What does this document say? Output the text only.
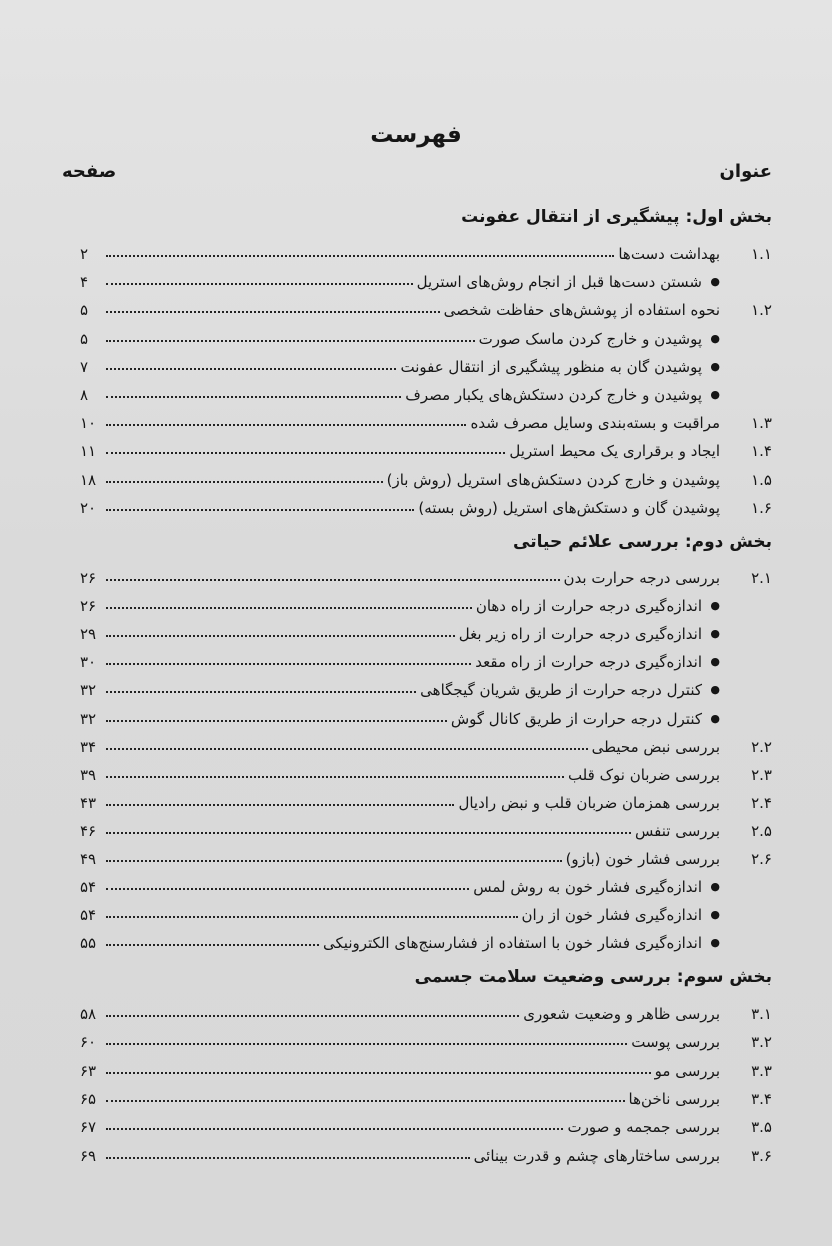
فهرست
عنوان
صفحه
بخش اول: پیشگیری از انتقال عفونت
۱.۱
بهداشت دست‌ها
۲
●
شستن دست‌ها قبل از انجام روش‌های استریل
۴
۱.۲
نحوه استفاده از پوشش‌های حفاظت شخصی
۵
●
پوشیدن و خارج کردن ماسک صورت
۵
●
پوشیدن گان به منظور پیشگیری از انتقال عفونت
۷
●
پوشیدن و خارج کردن دستکش‌های یکبار مصرف
۸
۱.۳
مراقبت و بسته‌بندی وسایل مصرف شده
۱۰
۱.۴
ایجاد و برقراری یک محیط استریل
۱۱
۱.۵
پوشیدن و خارج کردن دستکش‌های استریل (روش باز)
۱۸
۱.۶
پوشیدن گان و دستکش‌های استریل (روش بسته)
۲۰
بخش دوم: بررسی علائم حیاتی
۲.۱
بررسی درجه حرارت بدن
۲۶
●
اندازه‌گیری درجه حرارت از راه دهان
۲۶
●
اندازه‌گیری درجه حرارت از راه زیر بغل
۲۹
●
اندازه‌گیری درجه حرارت از راه مقعد
۳۰
●
کنترل درجه حرارت از طریق شریان گیجگاهی
۳۲
●
کنترل درجه حرارت از طریق کانال گوش
۳۲
۲.۲
بررسی نبض محیطی
۳۴
۲.۳
بررسی ضربان نوک قلب
۳۹
۲.۴
بررسی همزمان ضربان قلب و نبض رادیال
۴۳
۲.۵
بررسی تنفس
۴۶
۲.۶
بررسی فشار خون (بازو)
۴۹
●
اندازه‌گیری فشار خون به روش لمس
۵۴
●
اندازه‌گیری فشار خون از ران
۵۴
●
اندازه‌گیری فشار خون با استفاده از فشارسنج‌های الکترونیکی
۵۵
بخش سوم: بررسی وضعیت سلامت جسمی
۳.۱
بررسی ظاهر و وضعیت شعوری
۵۸
۳.۲
بررسی پوست
۶۰
۳.۳
بررسی مو
۶۳
۳.۴
بررسی ناخن‌ها
۶۵
۳.۵
بررسی جمجمه و صورت
۶۷
۳.۶
بررسی ساختارهای چشم و قدرت بینائی
۶۹
